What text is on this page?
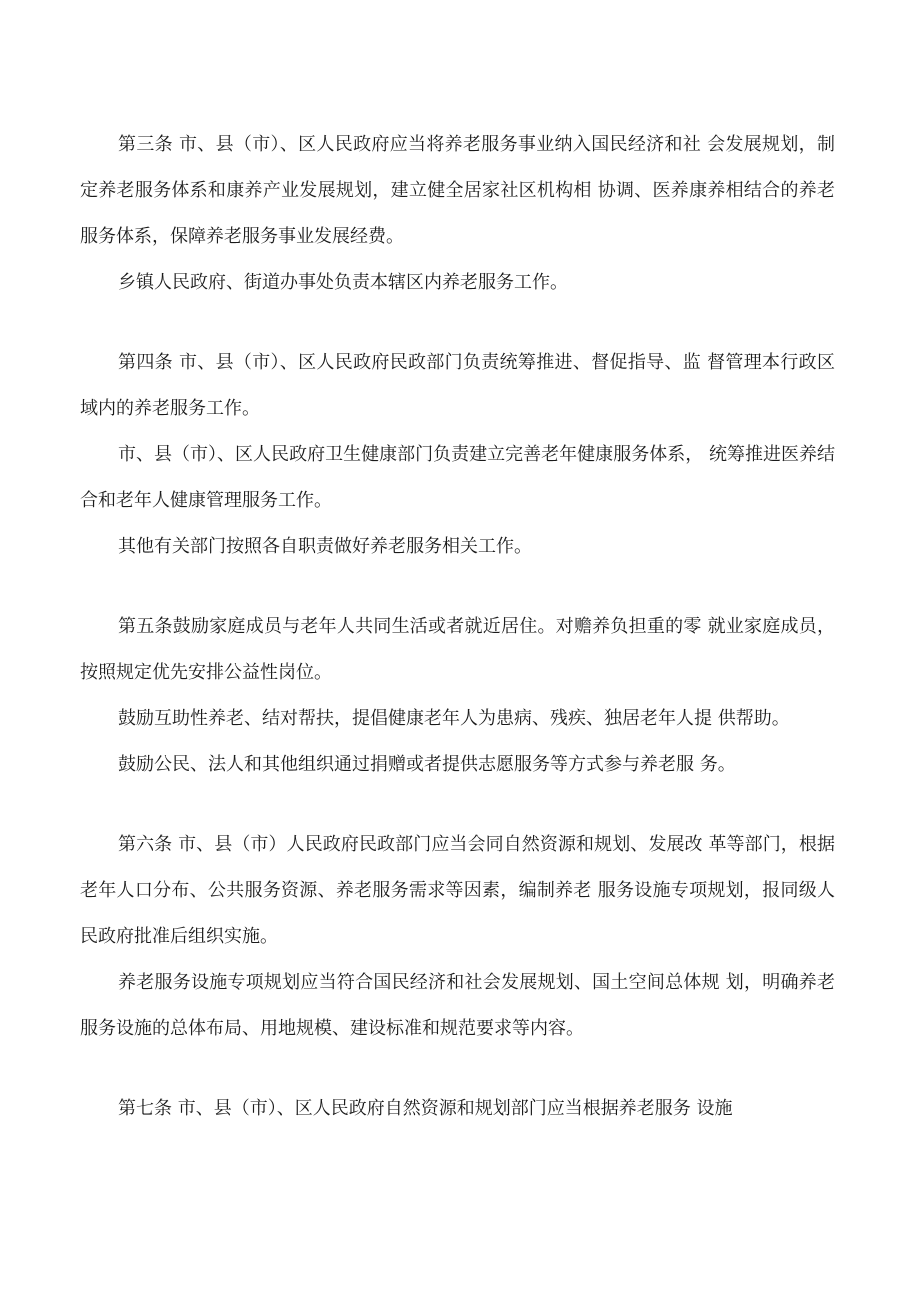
第三条 市、县（市）、区人民政府应当将养老服务事业纳入国民经济和社 会发展规划，制定养老服务体系和康养产业发展规划，建立健全居家社区机构相 协调、医养康养相结合的养老服务体系，保障养老服务事业发展经费。

乡镇人民政府、街道办事处负责本辖区内养老服务工作。

第四条 市、县（市）、区人民政府民政部门负责统筹推进、督促指导、监 督管理本行政区域内的养老服务工作。

市、县（市）、区人民政府卫生健康部门负责建立完善老年健康服务体系， 统筹推进医养结合和老年人健康管理服务工作。

其他有关部门按照各自职责做好养老服务相关工作。

第五条鼓励家庭成员与老年人共同生活或者就近居住。对赡养负担重的零 就业家庭成员，按照规定优先安排公益性岗位。

鼓励互助性养老、结对帮扶，提倡健康老年人为患病、残疾、独居老年人提 供帮助。

鼓励公民、法人和其他组织通过捐赠或者提供志愿服务等方式参与养老服 务。

第六条 市、县（市）人民政府民政部门应当会同自然资源和规划、发展改 革等部门，根据老年人口分布、公共服务资源、养老服务需求等因素，编制养老 服务设施专项规划，报同级人民政府批准后组织实施。

养老服务设施专项规划应当符合国民经济和社会发展规划、国土空间总体规 划，明确养老服务设施的总体布局、用地规模、建设标准和规范要求等内容。

第七条 市、县（市）、区人民政府自然资源和规划部门应当根据养老服务 设施
